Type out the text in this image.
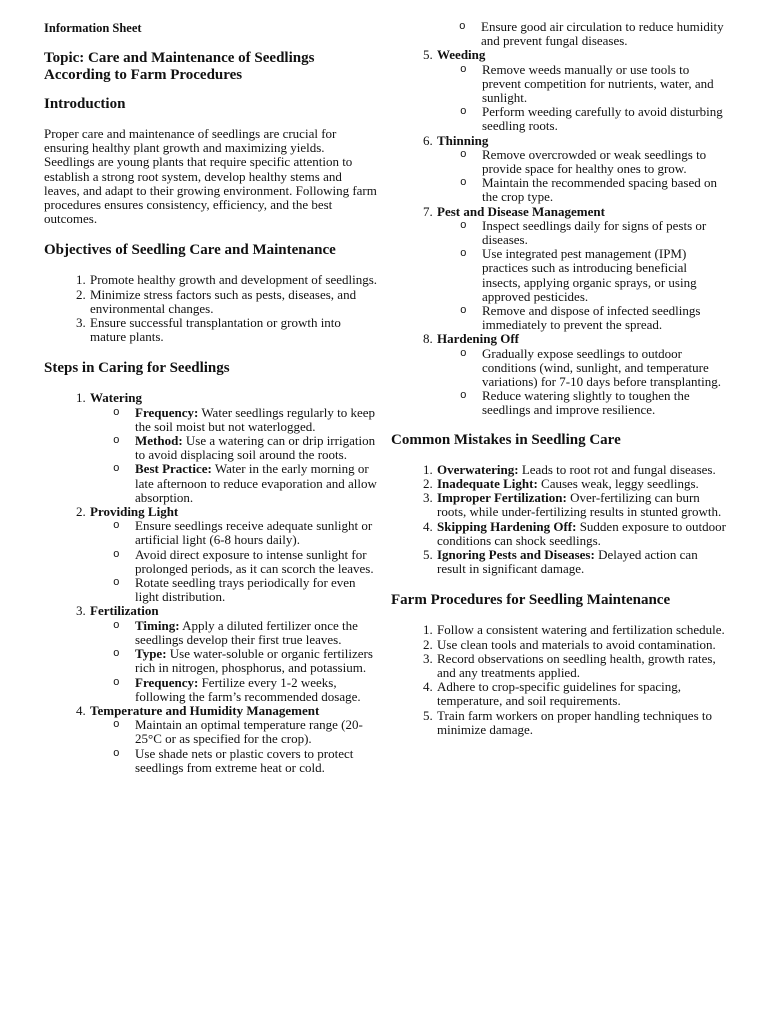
Information Sheet
Topic: Care and Maintenance of Seedlings According to Farm Procedures
Introduction

Proper care and maintenance of seedlings are crucial for ensuring healthy plant growth and maximizing yields. Seedlings are young plants that require specific attention to establish a strong root system, develop healthy stems and leaves, and adapt to their growing environment. Following farm procedures ensures consistency, efficiency, and the best outcomes.

Objectives of Seedling Care and Maintenance
1. Promote healthy growth and development of seedlings.
2. Minimize stress factors such as pests, diseases, and environmental changes.
3. Ensure successful transplantation or growth into mature plants.
Steps in Caring for Seedlings
1. Watering
o Frequency: Water seedlings regularly to keep the soil moist but not waterlogged.
o Method: Use a watering can or drip irrigation to avoid displacing soil around the roots.
o Best Practice: Water in the early morning or late afternoon to reduce evaporation and allow absorption.
2. Providing Light
o Ensure seedlings receive adequate sunlight or artificial light (6-8 hours daily).
o Avoid direct exposure to intense sunlight for prolonged periods, as it can scorch the leaves.
o Rotate seedling trays periodically for even light distribution.
3. Fertilization
o Timing: Apply a diluted fertilizer once the seedlings develop their first true leaves.
o Type: Use water-soluble or organic fertilizers rich in nitrogen, phosphorus, and potassium.
o Frequency: Fertilize every 1-2 weeks, following the farm’s recommended dosage.
4. Temperature and Humidity Management
o Maintain an optimal temperature range (20-25°C or as specified for the crop).
o Use shade nets or plastic covers to protect seedlings from extreme heat or cold.
o Ensure good air circulation to reduce humidity and prevent fungal diseases.
5. Weeding
o Remove weeds manually or use tools to prevent competition for nutrients, water, and sunlight.
o Perform weeding carefully to avoid disturbing seedling roots.
6. Thinning
o Remove overcrowded or weak seedlings to provide space for healthy ones to grow.
o Maintain the recommended spacing based on the crop type.
7. Pest and Disease Management
o Inspect seedlings daily for signs of pests or diseases.
o Use integrated pest management (IPM) practices such as introducing beneficial insects, applying organic sprays, or using approved pesticides.
o Remove and dispose of infected seedlings immediately to prevent the spread.
8. Hardening Off
o Gradually expose seedlings to outdoor conditions (wind, sunlight, and temperature variations) for 7-10 days before transplanting.
o Reduce watering slightly to toughen the seedlings and improve resilience.
Common Mistakes in Seedling Care
1. Overwatering: Leads to root rot and fungal diseases.
2. Inadequate Light: Causes weak, leggy seedlings.
3. Improper Fertilization: Over-fertilizing can burn roots, while under-fertilizing results in stunted growth.
4. Skipping Hardening Off: Sudden exposure to outdoor conditions can shock seedlings.
5. Ignoring Pests and Diseases: Delayed action can result in significant damage.
Farm Procedures for Seedling Maintenance
1. Follow a consistent watering and fertilization schedule.
2. Use clean tools and materials to avoid contamination.
3. Record observations on seedling health, growth rates, and any treatments applied.
4. Adhere to crop-specific guidelines for spacing, temperature, and soil requirements.
5. Train farm workers on proper handling techniques to minimize damage.
